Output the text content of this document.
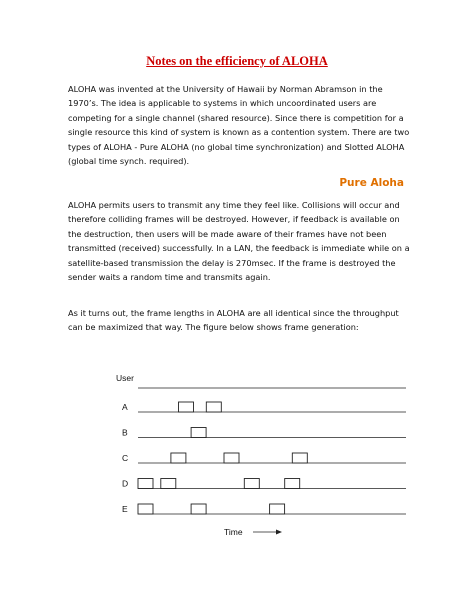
Notes on the efficiency of ALOHA

ALOHA was invented at the University of Hawaii by Norman Abramson in the 1970’s. The idea is applicable to systems in which uncoordinated users are competing for a single channel (shared resource). Since there is competition for a single resource this kind of system is known as a contention system. There are two types of ALOHA - Pure ALOHA (no global time synchronization) and Slotted ALOHA (global time synch. required).

Pure Aloha

ALOHA permits users to transmit any time they feel like. Collisions will occur and therefore colliding frames will be destroyed. However, if feedback is available on the destruction, then users will be made aware of their frames have not been transmitted (received) successfully. In a LAN, the feedback is immediate while on a satellite-based transmission the delay is 270msec. If the frame is destroyed the sender waits a random time and transmits again.

As it turns out, the frame lengths in ALOHA are all identical since the throughput can be maximized that way. The figure below shows frame generation:

User
A
B
C
D
E
Time
